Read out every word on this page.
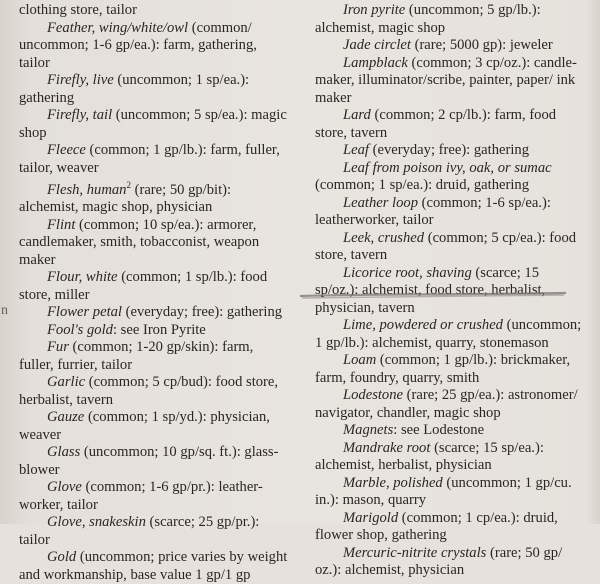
clothing store, tailor

Feather, wing/white/owl (common/ uncommon; 1-6 gp/ea.): farm, gathering, tailor

Firefly, live (uncommon; 1 sp/ea.): gathering

Firefly, tail (uncommon; 5 sp/ea.): magic shop

Fleece (common; 1 gp/lb.): farm, fuller, tailor, weaver

Flesh, human$^2$ (rare; 50 gp/bit): alchemist, magic shop, physician

Flint (common; 10 sp/ea.): armorer, candlemaker, smith, tobacconist, weapon maker

Flour, white (common; 1 sp/lb.): food store, miller

Flower petal (everyday; free): gathering

Fool's gold: see Iron Pyrite

Fur (common; 1-20 gp/skin): farm, fuller, furrier, tailor

Garlic (common; 5 cp/bud): food store, herbalist, tavern

Gauze (common; 1 sp/yd.): physician, weaver

Glass (uncommon; 10 gp/sq. ft.): glass-blower

Glove (common; 1-6 gp/pr.): leather-worker, tailor

Glove, snakeskin (scarce; 25 gp/pr.): tailor

Gold (uncommon; price varies by weight and workmanship, base value 1 gp/1 gp

Iron pyrite (uncommon; 5 gp/lb.): alchemist, magic shop

Jade circlet (rare; 5000 gp): jeweler

Lampblack (common; 3 cp/oz.): candle-maker, illuminator/scribe, painter, paper/ ink maker

Lard (common; 2 cp/lb.): farm, food store, tavern

Leaf (everyday; free): gathering

Leaf from poison ivy, oak, or sumac (common; 1 sp/ea.): druid, gathering

Leather loop (common; 1-6 sp/ea.): leatherworker, tailor

Leek, crushed (common; 5 cp/ea.): food store, tavern

Licorice root, shaving (scarce; 15 sp/oz.): alchemist, food store, herbalist, physician, tavern

Lime, powdered or crushed (uncommon; 1 gp/lb.): alchemist, quarry, stonemason

Loam (common; 1 gp/lb.): brickmaker, farm, foundry, quarry, smith

Lodestone (rare; 25 gp/ea.): astronomer/ navigator, chandler, magic shop

Magnets: see Lodestone

Mandrake root (scarce; 15 sp/ea.): alchemist, herbalist, physician

Marble, polished (uncommon; 1 gp/cu. in.): mason, quarry

Marigold (common; 1 cp/ea.): druid, flower shop, gathering

Mercuric-nitrite crystals (rare; 50 gp/ oz.): alchemist, physician

n
